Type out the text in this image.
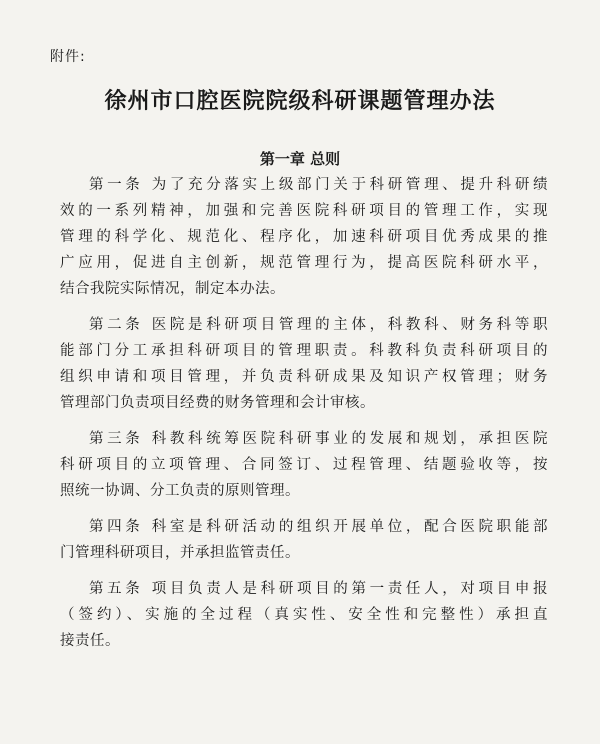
附件:
徐州市口腔医院院级科研课题管理办法
第一章 总则
第一条 为了充分落实上级部门关于科研管理、提升科研绩
效的一系列精神，加强和完善医院科研项目的管理工作，实现
管理的科学化、规范化、程序化，加速科研项目优秀成果的推
广应用，促进自主创新，规范管理行为，提高医院科研水平，
结合我院实际情况，制定本办法。
第二条 医院是科研项目管理的主体，科教科、财务科等职
能部门分工承担科研项目的管理职责。科教科负责科研项目的
组织申请和项目管理，并负责科研成果及知识产权管理；财务
管理部门负责项目经费的财务管理和会计审核。
第三条 科教科统筹医院科研事业的发展和规划，承担医院
科研项目的立项管理、合同签订、过程管理、结题验收等，按
照统一协调、分工负责的原则管理。
第四条 科室是科研活动的组织开展单位，配合医院职能部
门管理科研项目，并承担监管责任。
第五条 项目负责人是科研项目的第一责任人，对项目申报
（签约）、实施的全过程（真实性、安全性和完整性）承担直
接责任。
